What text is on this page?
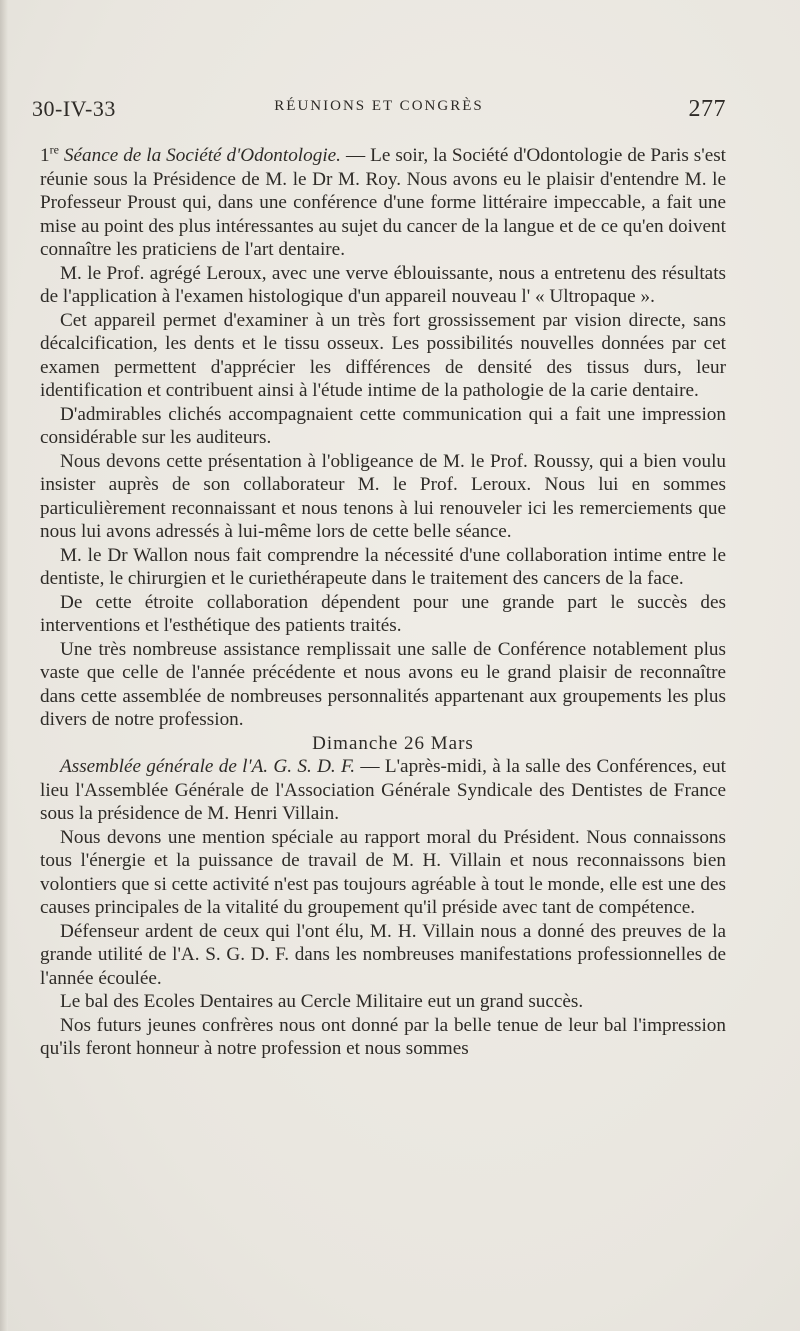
30-IV-33	RÉUNIONS ET CONGRÈS	277

1re Séance de la Société d'Odontologie. — Le soir, la Société d'Odontologie de Paris s'est réunie sous la Présidence de M. le Dr M. Roy. Nous avons eu le plaisir d'entendre M. le Professeur Proust qui, dans une conférence d'une forme littéraire impeccable, a fait une mise au point des plus intéressantes au sujet du cancer de la langue et de ce qu'en doivent connaître les praticiens de l'art dentaire.

M. le Prof. agrégé Leroux, avec une verve éblouissante, nous a entretenu des résultats de l'application à l'examen histologique d'un appareil nouveau l' « Ultropaque ».

Cet appareil permet d'examiner à un très fort grossissement par vision directe, sans décalcification, les dents et le tissu osseux. Les possibilités nouvelles données par cet examen permettent d'apprécier les différences de densité des tissus durs, leur identification et contribuent ainsi à l'étude intime de la pathologie de la carie dentaire.

D'admirables clichés accompagnaient cette communication qui a fait une impression considérable sur les auditeurs.

Nous devons cette présentation à l'obligeance de M. le Prof. Roussy, qui a bien voulu insister auprès de son collaborateur M. le Prof. Leroux. Nous lui en sommes particulièrement reconnaissant et nous tenons à lui renouveler ici les remerciements que nous lui avons adressés à lui-même lors de cette belle séance.

M. le Dr Wallon nous fait comprendre la nécessité d'une collaboration intime entre le dentiste, le chirurgien et le curiethérapeute dans le traitement des cancers de la face.

De cette étroite collaboration dépendent pour une grande part le succès des interventions et l'esthétique des patients traités.

Une très nombreuse assistance remplissait une salle de Conférence notablement plus vaste que celle de l'année précédente et nous avons eu le grand plaisir de reconnaître dans cette assemblée de nombreuses personnalités appartenant aux groupements les plus divers de notre profession.

Dimanche 26 Mars

Assemblée générale de l'A. G. S. D. F. — L'après-midi, à la salle des Conférences, eut lieu l'Assemblée Générale de l'Association Générale Syndicale des Dentistes de France sous la présidence de M. Henri Villain.

Nous devons une mention spéciale au rapport moral du Président. Nous connaissons tous l'énergie et la puissance de travail de M. H. Villain et nous reconnaissons bien volontiers que si cette activité n'est pas toujours agréable à tout le monde, elle est une des causes principales de la vitalité du groupement qu'il préside avec tant de compétence.

Défenseur ardent de ceux qui l'ont élu, M. H. Villain nous a donné des preuves de la grande utilité de l'A. S. G. D. F. dans les nombreuses manifestations professionnelles de l'année écoulée.

Le bal des Ecoles Dentaires au Cercle Militaire eut un grand succès.

Nos futurs jeunes confrères nous ont donné par la belle tenue de leur bal l'impression qu'ils feront honneur à notre profession et nous sommes
